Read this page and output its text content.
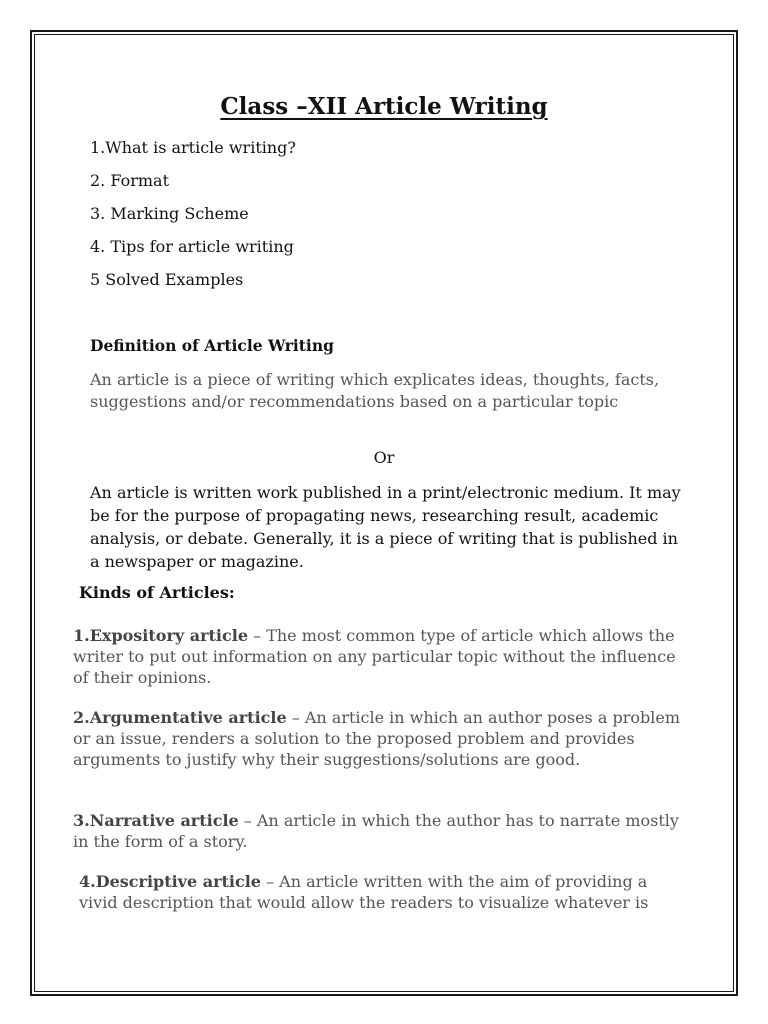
Class –XII Article Writing
1.What is article writing?
2. Format
3. Marking Scheme
4. Tips for article writing
5 Solved Examples
Definition of Article Writing

An article is a piece of writing which explicates ideas, thoughts, facts, suggestions and/or recommendations based on a particular topic

Or

An article is written work published in a print/electronic medium. It may be for the purpose of propagating news, researching result, academic analysis, or debate. Generally, it is a piece of writing that is published in a newspaper or magazine.

Kinds of Articles:

1.Expository article – The most common type of article which allows the writer to put out information on any particular topic without the influence of their opinions.

2.Argumentative article – An article in which an author poses a problem or an issue, renders a solution to the proposed problem and provides arguments to justify why their suggestions/solutions are good.

3.Narrative article – An article in which the author has to narrate mostly in the form of a story.

4.Descriptive article – An article written with the aim of providing a vivid description that would allow the readers to visualize whatever is
